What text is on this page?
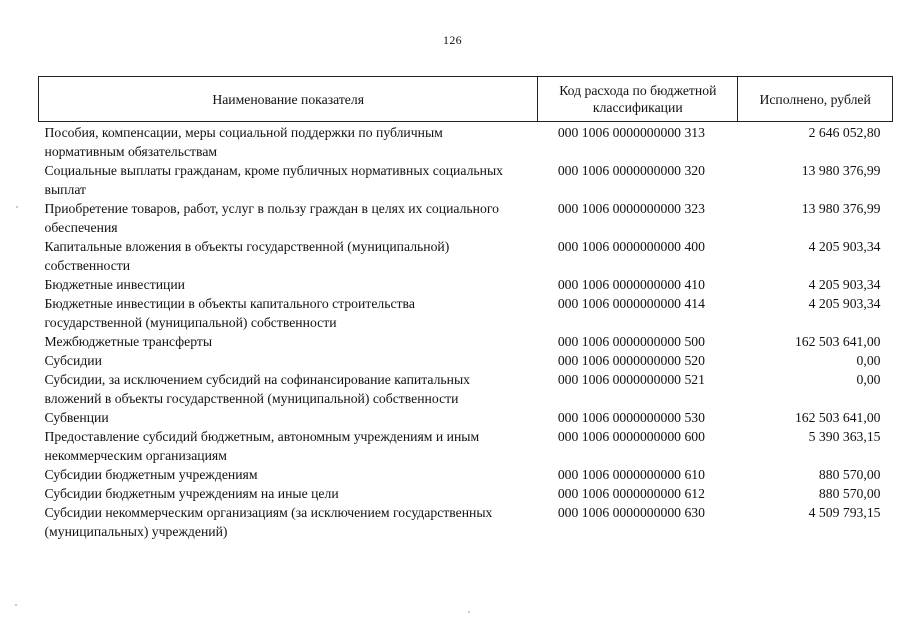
126
Наименование показателя	Код расхода по бюджетной классификации	Исполнено, рублей
Пособия, компенсации, меры социальной поддержки по публичным нормативным обязательствам	000 1006 0000000000 313	2 646 052,80
Социальные выплаты гражданам, кроме публичных нормативных социальных выплат	000 1006 0000000000 320	13 980 376,99
Приобретение товаров, работ, услуг в пользу граждан в целях их социального обеспечения	000 1006 0000000000 323	13 980 376,99
Капитальные вложения в объекты государственной (муниципальной) собственности	000 1006 0000000000 400	4 205 903,34
Бюджетные инвестиции	000 1006 0000000000 410	4 205 903,34
Бюджетные инвестиции в объекты капитального строительства государственной (муниципальной) собственности	000 1006 0000000000 414	4 205 903,34
Межбюджетные трансферты	000 1006 0000000000 500	162 503 641,00
Субсидии	000 1006 0000000000 520	0,00
Субсидии, за исключением субсидий на софинансирование капитальных вложений в объекты государственной (муниципальной) собственности	000 1006 0000000000 521	0,00
Субвенции	000 1006 0000000000 530	162 503 641,00
Предоставление субсидий бюджетным, автономным учреждениям и иным некоммерческим организациям	000 1006 0000000000 600	5 390 363,15
Субсидии бюджетным учреждениям	000 1006 0000000000 610	880 570,00
Субсидии бюджетным учреждениям на иные цели	000 1006 0000000000 612	880 570,00
Субсидии некоммерческим организациям (за исключением государственных (муниципальных) учреждений)	000 1006 0000000000 630	4 509 793,15
